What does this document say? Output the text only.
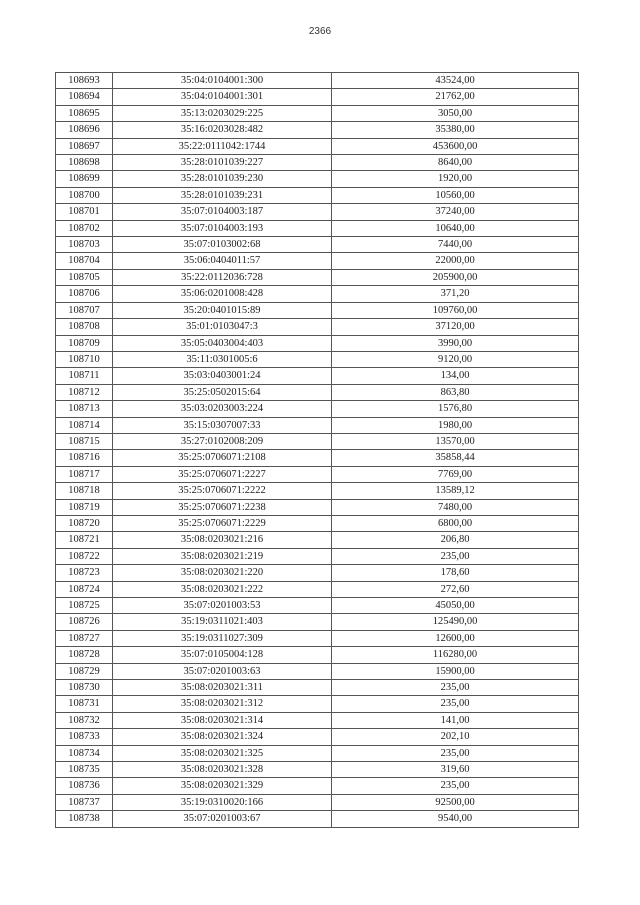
2366
108693	35:04:0104001:300	43524,00
108694	35:04:0104001:301	21762,00
108695	35:13:0203029:225	3050,00
108696	35:16:0203028:482	35380,00
108697	35:22:0111042:1744	453600,00
108698	35:28:0101039:227	8640,00
108699	35:28:0101039:230	1920,00
108700	35:28:0101039:231	10560,00
108701	35:07:0104003:187	37240,00
108702	35:07:0104003:193	10640,00
108703	35:07:0103002:68	7440,00
108704	35:06:0404011:57	22000,00
108705	35:22:0112036:728	205900,00
108706	35:06:0201008:428	371,20
108707	35:20:0401015:89	109760,00
108708	35:01:0103047:3	37120,00
108709	35:05:0403004:403	3990,00
108710	35:11:0301005:6	9120,00
108711	35:03:0403001:24	134,00
108712	35:25:0502015:64	863,80
108713	35:03:0203003:224	1576,80
108714	35:15:0307007:33	1980,00
108715	35:27:0102008:209	13570,00
108716	35:25:0706071:2108	35858,44
108717	35:25:0706071:2227	7769,00
108718	35:25:0706071:2222	13589,12
108719	35:25:0706071:2238	7480,00
108720	35:25:0706071:2229	6800,00
108721	35:08:0203021:216	206,80
108722	35:08:0203021:219	235,00
108723	35:08:0203021:220	178,60
108724	35:08:0203021:222	272,60
108725	35:07:0201003:53	45050,00
108726	35:19:0311021:403	125490,00
108727	35:19:0311027:309	12600,00
108728	35:07:0105004:128	116280,00
108729	35:07:0201003:63	15900,00
108730	35:08:0203021:311	235,00
108731	35:08:0203021:312	235,00
108732	35:08:0203021:314	141,00
108733	35:08:0203021:324	202,10
108734	35:08:0203021:325	235,00
108735	35:08:0203021:328	319,60
108736	35:08:0203021:329	235,00
108737	35:19:0310020:166	92500,00
108738	35:07:0201003:67	9540,00
